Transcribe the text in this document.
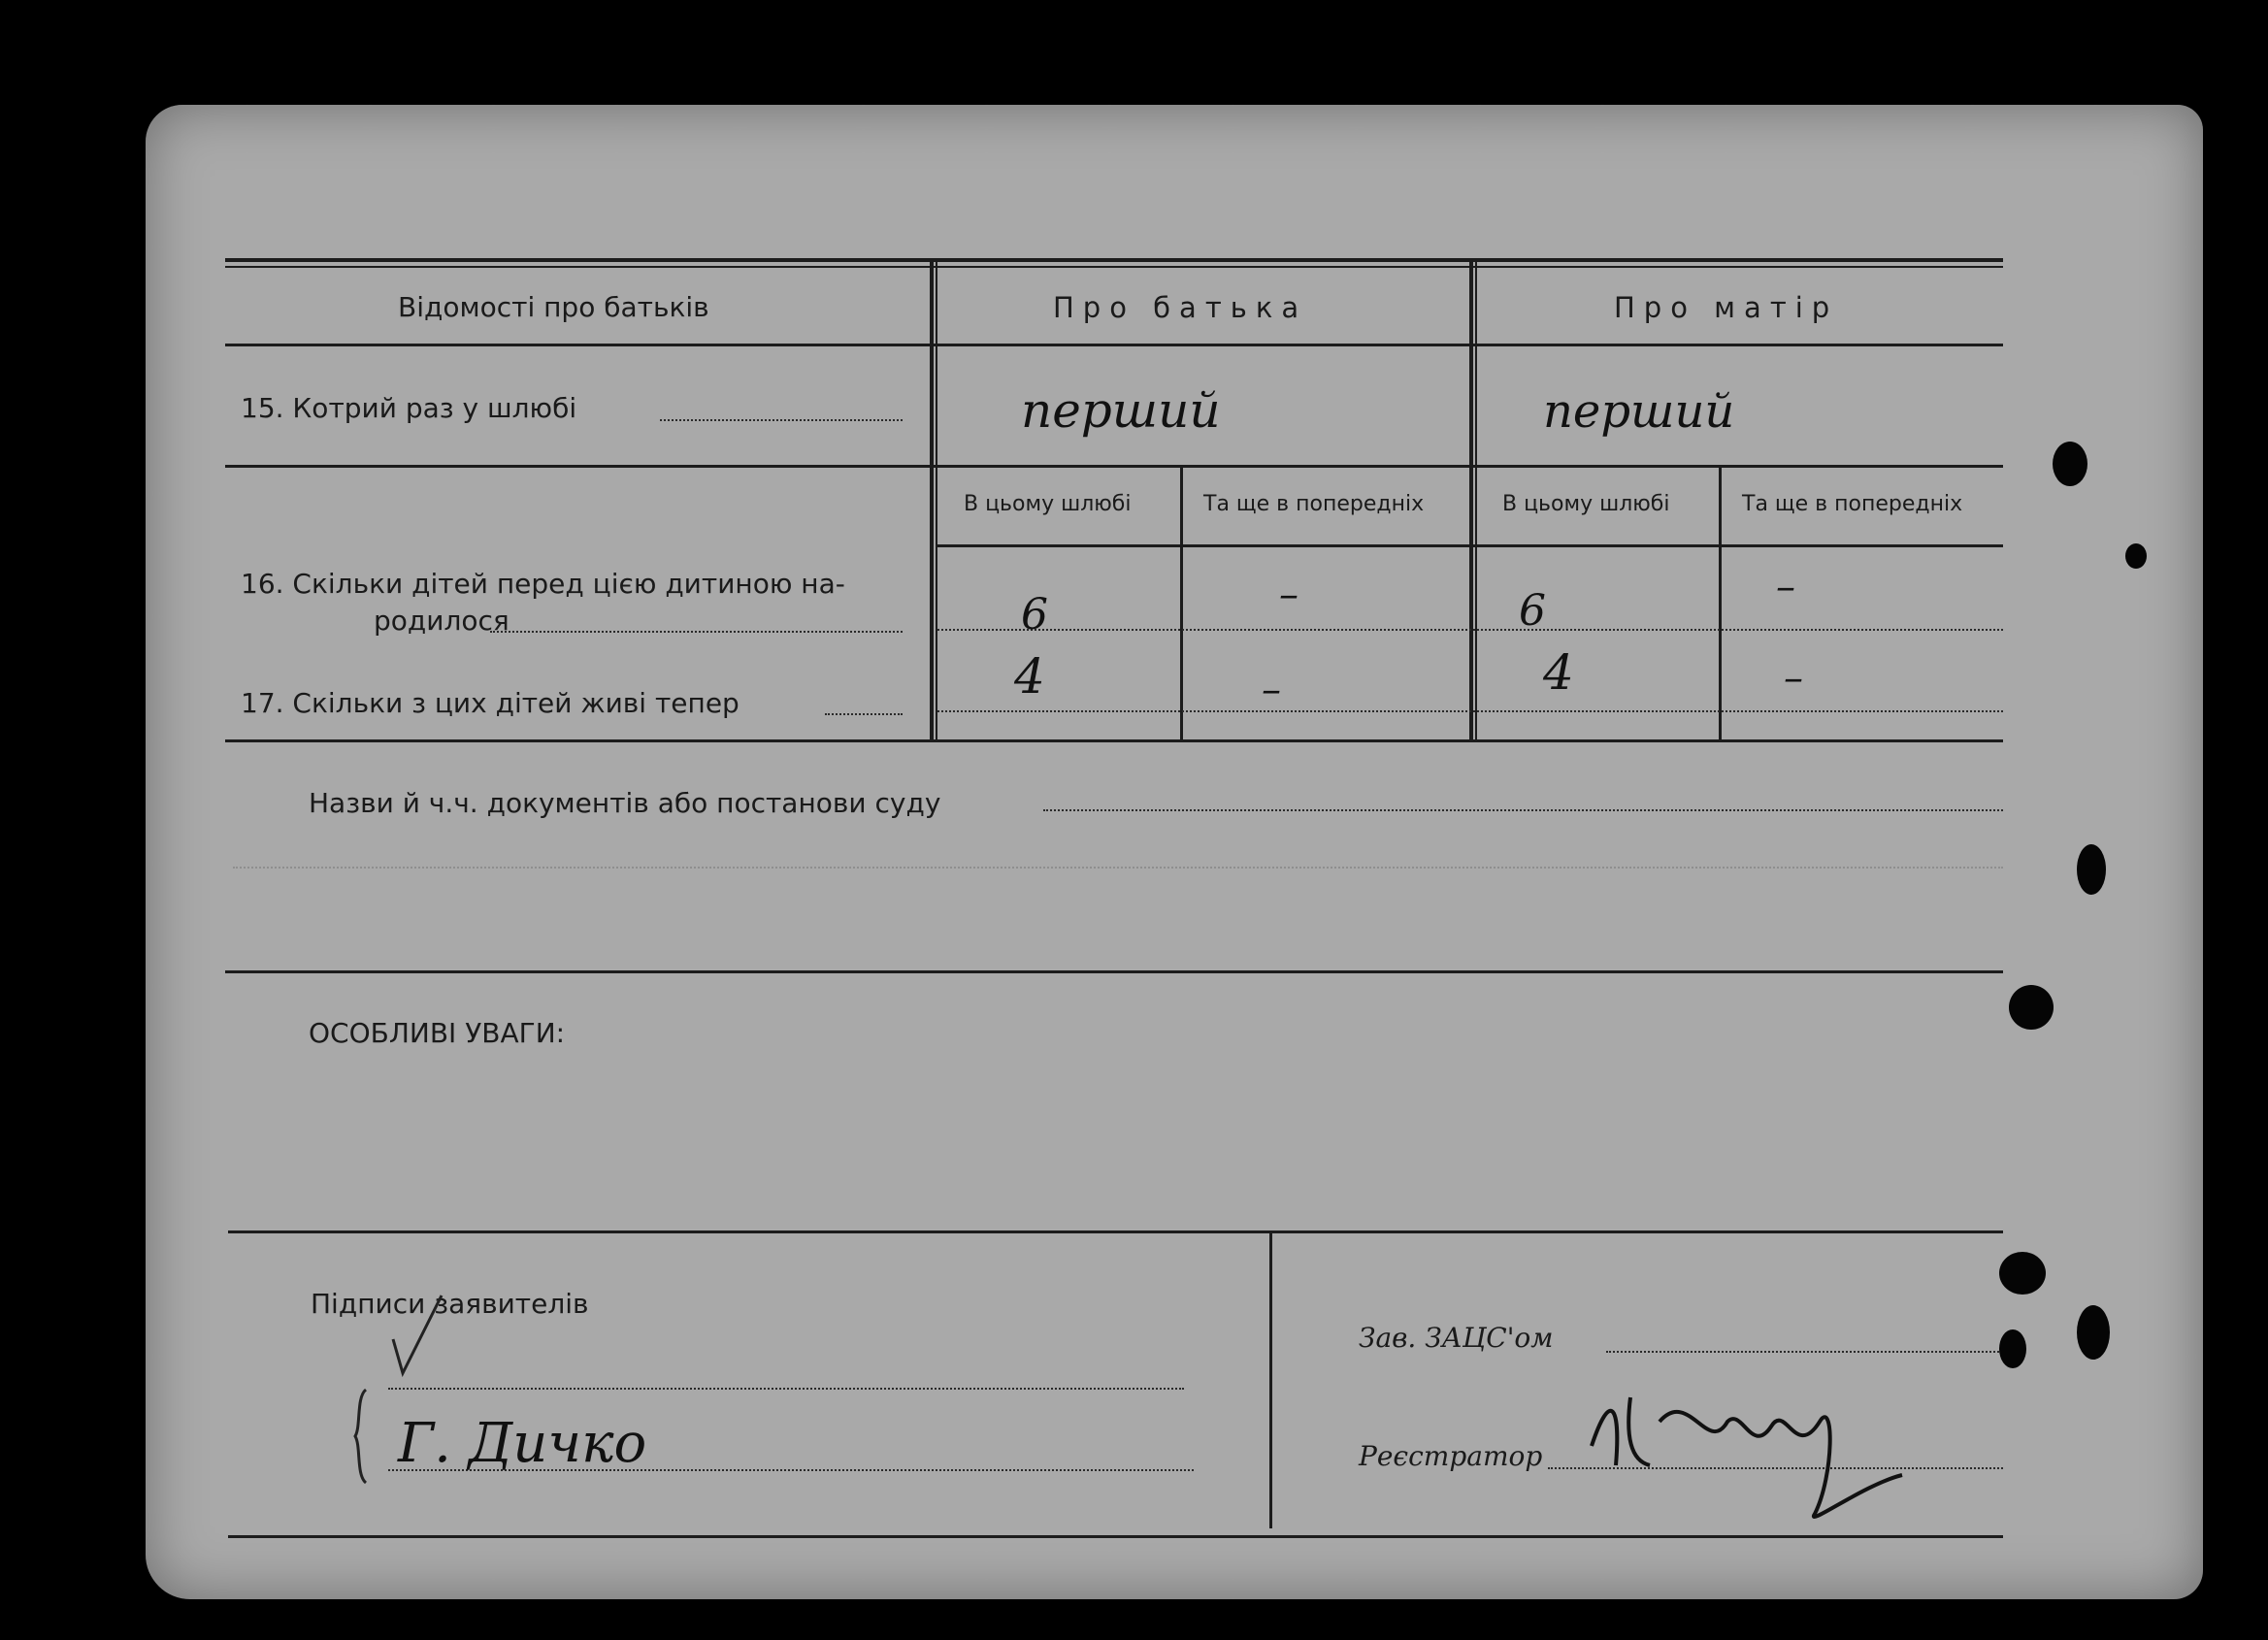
Відомості про батьків	Про батька	Про матір
15. Котрий раз у шлюбі	перший	перший
В цьому шлюбі	Та ще в попередніх	В цьому шлюбі	Та ще в попередніх
16. Скільки дітей перед цією дитиною на-
родилося	6	–	6	–
17. Скільки з цих дітей живі тепер	4	–	4	–
Назви й ч.ч. документів або постанови суду
ОСОБЛИВІ УВАГИ:
Підписи заявителів
Г. Дичко
Зав. ЗАЦС'ом
Реєстратор
